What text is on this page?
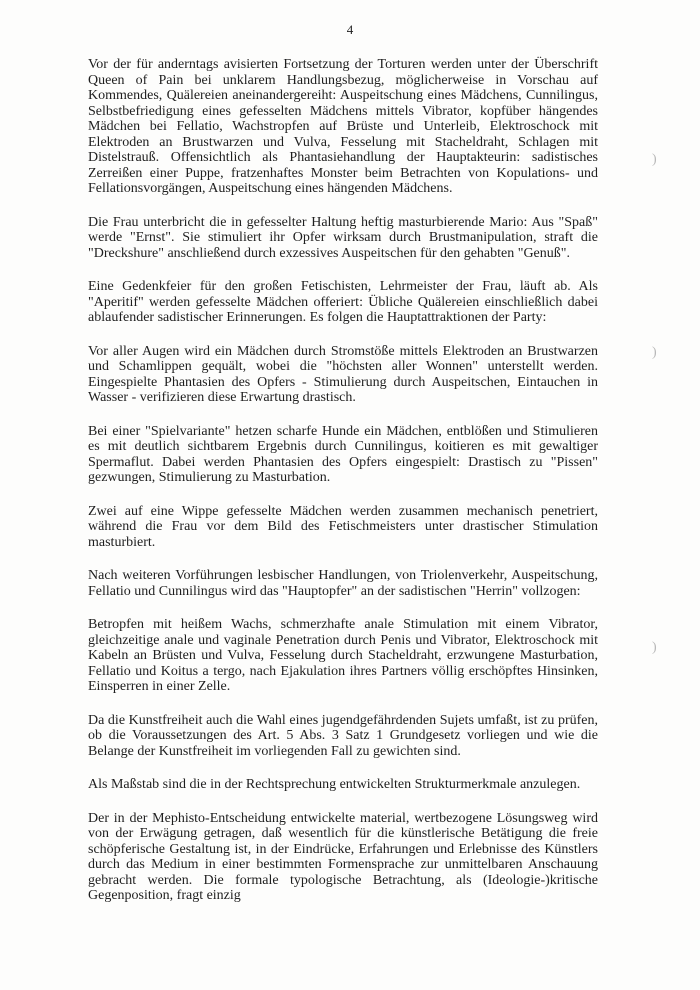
4
)
)
)

Vor der für anderntags avisierten Fortsetzung der Torturen werden unter der Überschrift Queen of Pain bei unklarem Handlungsbezug, möglicherweise in Vorschau auf Kommendes, Quälereien aneinandergereiht: Auspeitschung eines Mädchens, Cunnilingus, Selbstbefriedigung eines gefesselten Mädchens mittels Vibrator, kopfüber hängendes Mädchen bei Fellatio, Wachstropfen auf Brüste und Unterleib, Elektroschock mit Elektroden an Brustwarzen und Vulva, Fesselung mit Stacheldraht, Schlagen mit Distelstrauß. Offensichtlich als Phantasiehandlung der Hauptakteurin: sadistisches Zerreißen einer Puppe, fratzenhaftes Monster beim Betrachten von Kopulations- und Fellationsvorgängen, Auspeitschung eines hängenden Mädchens.

Die Frau unterbricht die in gefesselter Haltung heftig masturbierende Mario: Aus "Spaß" werde "Ernst". Sie stimuliert ihr Opfer wirksam durch Brustmanipulation, straft die "Dreckshure" anschließend durch exzessives Auspeitschen für den gehabten "Genuß".

Eine Gedenkfeier für den großen Fetischisten, Lehrmeister der Frau, läuft ab. Als "Aperitif" werden gefesselte Mädchen offeriert: Übliche Quälereien einschließlich dabei ablaufender sadistischer Erinnerungen. Es folgen die Hauptattraktionen der Party:

Vor aller Augen wird ein Mädchen durch Stromstöße mittels Elektroden an Brustwarzen und Schamlippen gequält, wobei die "höchsten aller Wonnen" unterstellt werden. Eingespielte Phantasien des Opfers - Stimulierung durch Auspeitschen, Eintauchen in Wasser - verifizieren diese Erwartung drastisch.

Bei einer "Spielvariante" hetzen scharfe Hunde ein Mädchen, entblößen und Stimulieren es mit deutlich sichtbarem Ergebnis durch Cunnilingus, koitieren es mit gewaltiger Spermaflut. Dabei werden Phantasien des Opfers eingespielt: Drastisch zu "Pissen" gezwungen, Stimulierung zu Masturbation.

Zwei auf eine Wippe gefesselte Mädchen werden zusammen mechanisch penetriert, während die Frau vor dem Bild des Fetischmeisters unter drastischer Stimulation masturbiert.

Nach weiteren Vorführungen lesbischer Handlungen, von Triolenverkehr, Auspeitschung, Fellatio und Cunnilingus wird das "Hauptopfer" an der sadistischen "Herrin" vollzogen:

Betropfen mit heißem Wachs, schmerzhafte anale Stimulation mit einem Vibrator, gleichzeitige anale und vaginale Penetration durch Penis und Vibrator, Elektroschock mit Kabeln an Brüsten und Vulva, Fesselung durch Stacheldraht, erzwungene Masturbation, Fellatio und Koitus a tergo, nach Ejakulation ihres Partners völlig erschöpftes Hinsinken, Einsperren in einer Zelle.

Da die Kunstfreiheit auch die Wahl eines jugendgefährdenden Sujets umfaßt, ist zu prüfen, ob die Voraussetzungen des Art. 5 Abs. 3 Satz 1 Grundgesetz vorliegen und wie die Belange der Kunstfreiheit im vorliegenden Fall zu gewichten sind.

Als Maßstab sind die in der Rechtsprechung entwickelten Strukturmerkmale anzulegen.

Der in der Mephisto-Entscheidung entwickelte material, wertbezogene Lösungsweg wird von der Erwägung getragen, daß wesentlich für die künstlerische Betätigung die freie schöpferische Gestaltung ist, in der Eindrücke, Erfahrungen und Erlebnisse des Künstlers durch das Medium in einer bestimmten Formensprache zur unmittelbaren Anschauung gebracht werden. Die formale typologische Betrachtung, als (Ideologie-)kritische Gegenposition, fragt einzig
